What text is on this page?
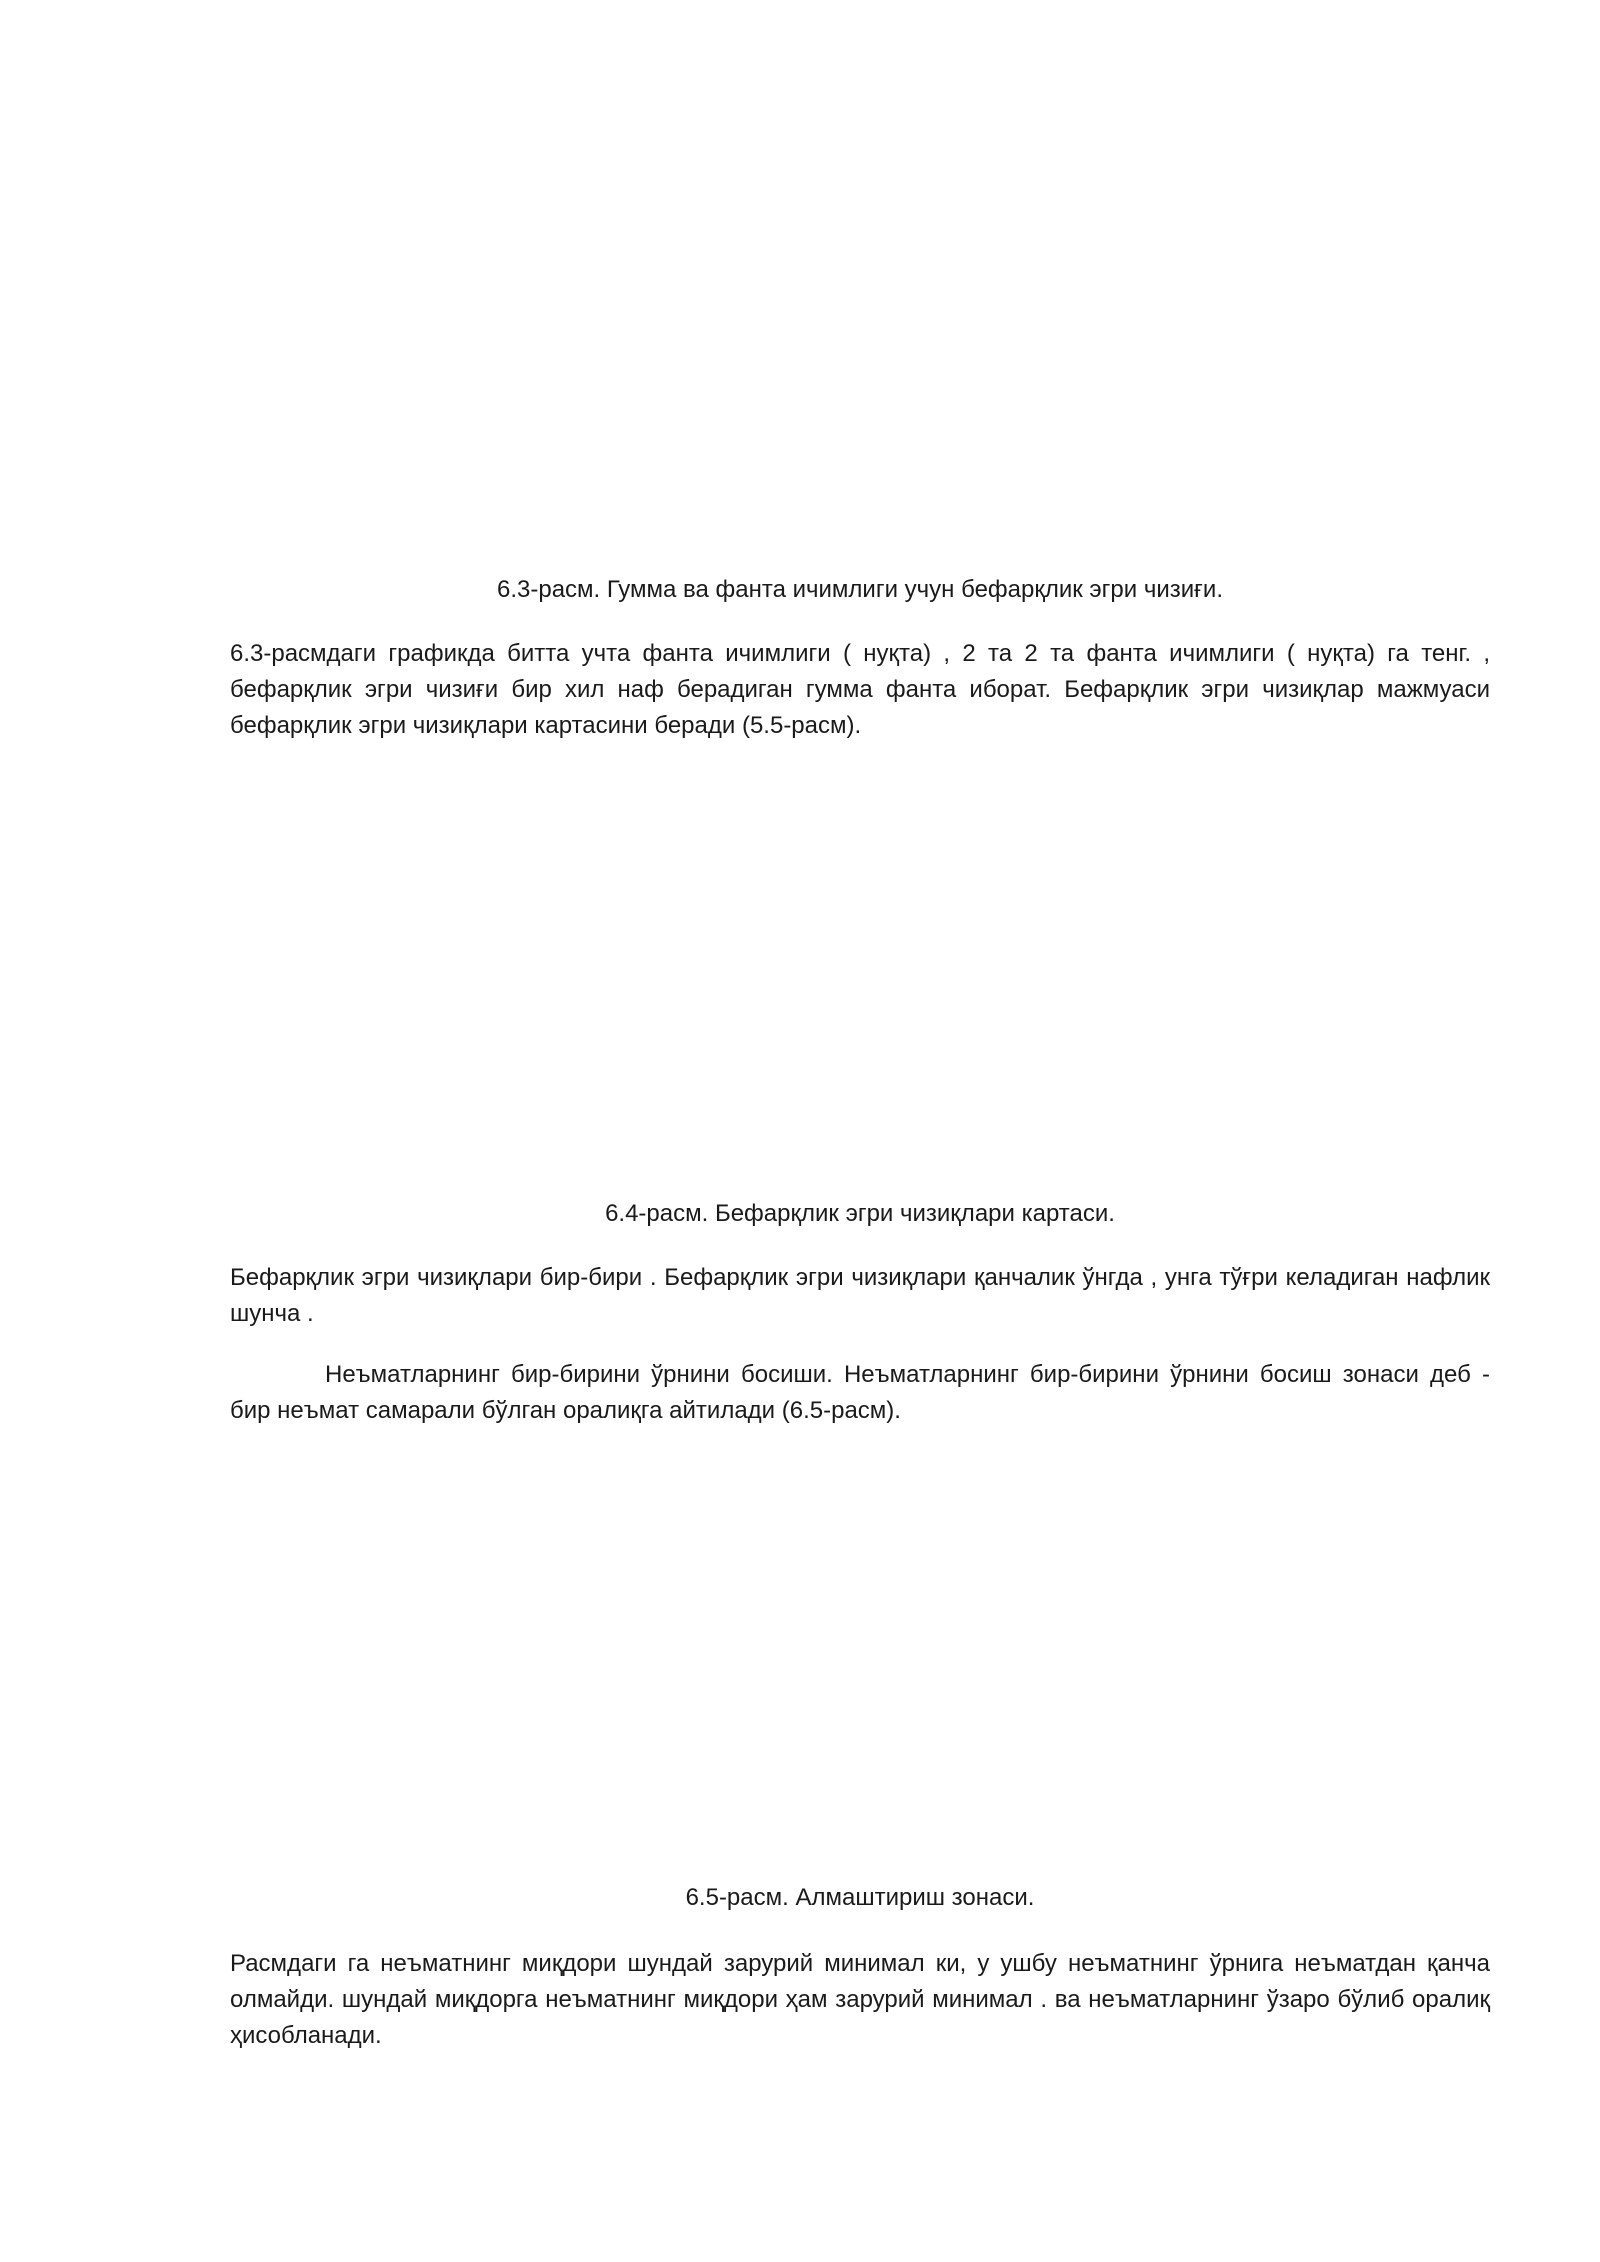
6.3-расм. Гумма ва фанта ичимлиги учун бефарқлик эгри чизиғи.

6.3-расмдаги графикда битта учта фанта ичимлиги ( нуқта) , 2 та 2 та фанта ичимлиги ( нуқта) га тенг. , бефарқлик эгри чизиғи бир хил наф берадиган гумма фанта иборат. Бефарқлик эгри чизиқлар мажмуаси бефарқлик эгри чизиқлари картасини беради (5.5-расм).

6.4-расм. Бефарқлик эгри чизиқлари картаси.

Бефарқлик эгри чизиқлари бир-бири . Бефарқлик эгри чизиқлари қанчалик ўнгда , унга тўғри келадиган нафлик шунча .

Неъматларнинг бир-бирини ўрнини босиши. Неъматларнинг бир-бирини ўрнини босиш зонаси деб - бир неъмат самарали бўлган оралиқга айтилади (6.5-расм).

6.5-расм. Алмаштириш зонаси.

Расмдаги га неъматнинг миқдори шундай зарурий минимал ки, у ушбу неъматнинг ўрнига неъматдан қанча олмайди. шундай миқдорга неъматнинг миқдори ҳам зарурий минимал . ва неъматларнинг ўзаро бўлиб оралиқ ҳисобланади.
